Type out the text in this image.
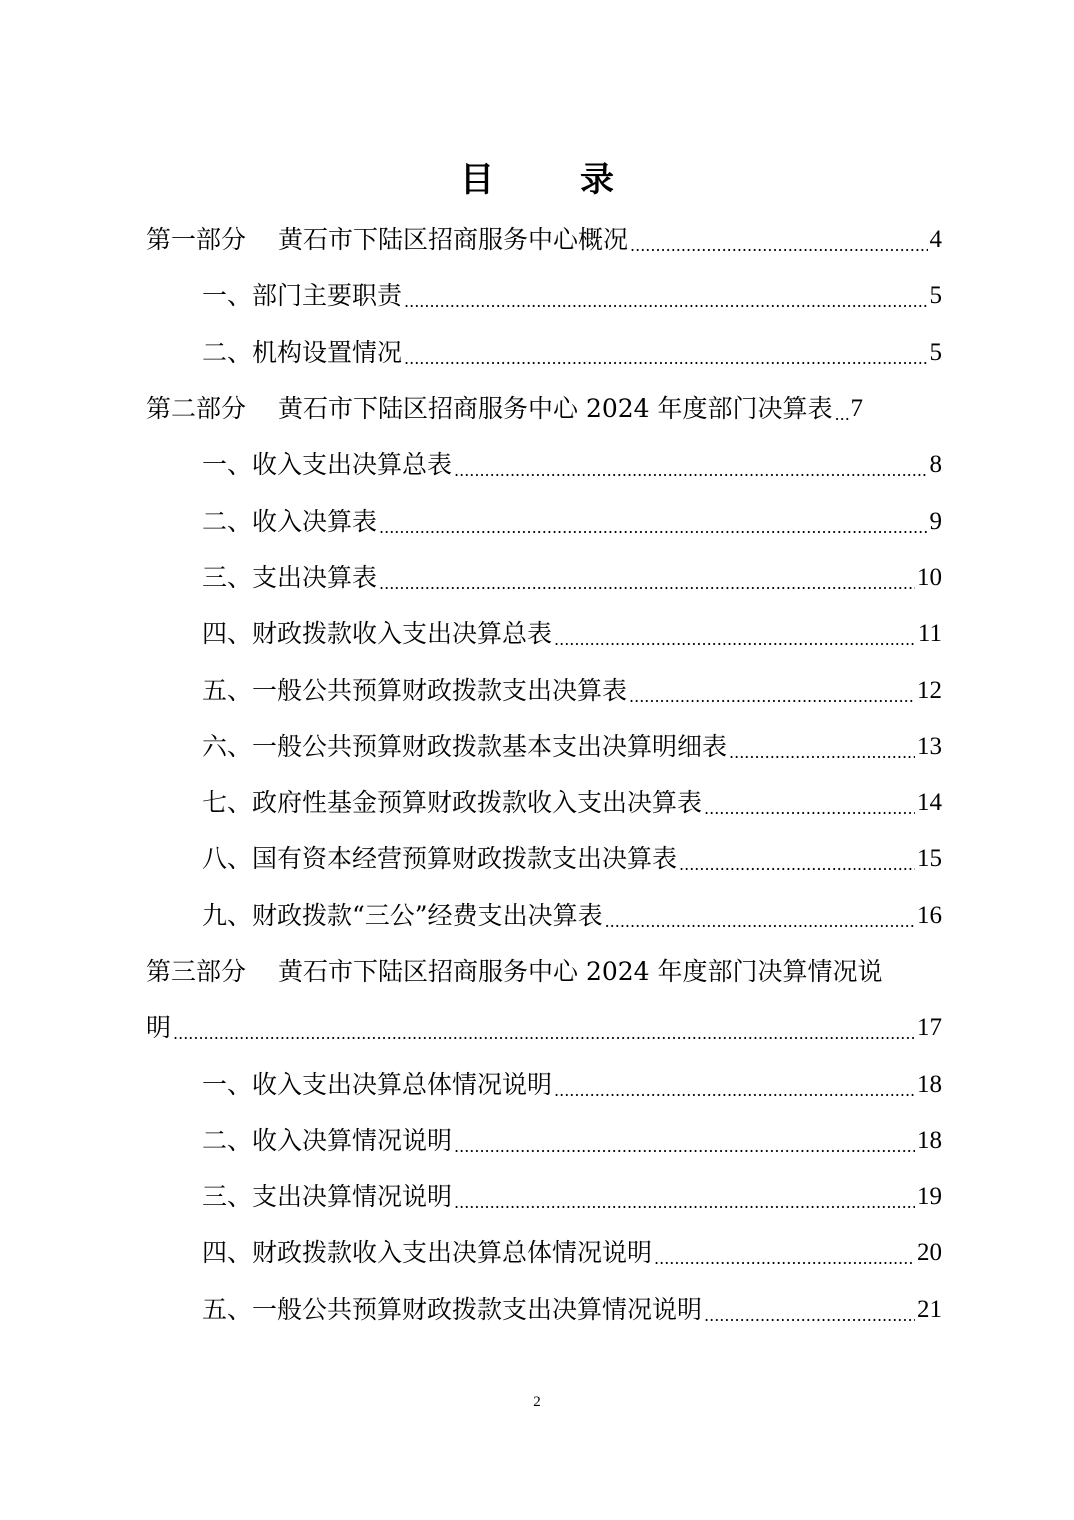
目　录
第一部分 黄石市下陆区招商服务中心概况 .....	4
一、部门主要职责 .....	5
二、机构设置情况 .....	5
第二部分 黄石市下陆区招商服务中心 2024 年度部门决算表 ..... 7
一、收入支出决算总表 .....	8
二、收入决算表 .....	9
三、支出决算表 .....	10
四、财政拨款收入支出决算总表 .....	11
五、一般公共预算财政拨款支出决算表 .....	12
六、一般公共预算财政拨款基本支出决算明细表 .....	13
七、政府性基金预算财政拨款收入支出决算表 .....	14
八、国有资本经营预算财政拨款支出决算表 .....	15
九、财政拨款“三公”经费支出决算表 .....	16
第三部分 黄石市下陆区招商服务中心 2024 年度部门决算情况说
明 .....	17
一、收入支出决算总体情况说明 .....	18
二、收入决算情况说明 .....	18
三、支出决算情况说明 .....	19
四、财政拨款收入支出决算总体情况说明 .....	20
五、一般公共预算财政拨款支出决算情况说明 .....	21
2
